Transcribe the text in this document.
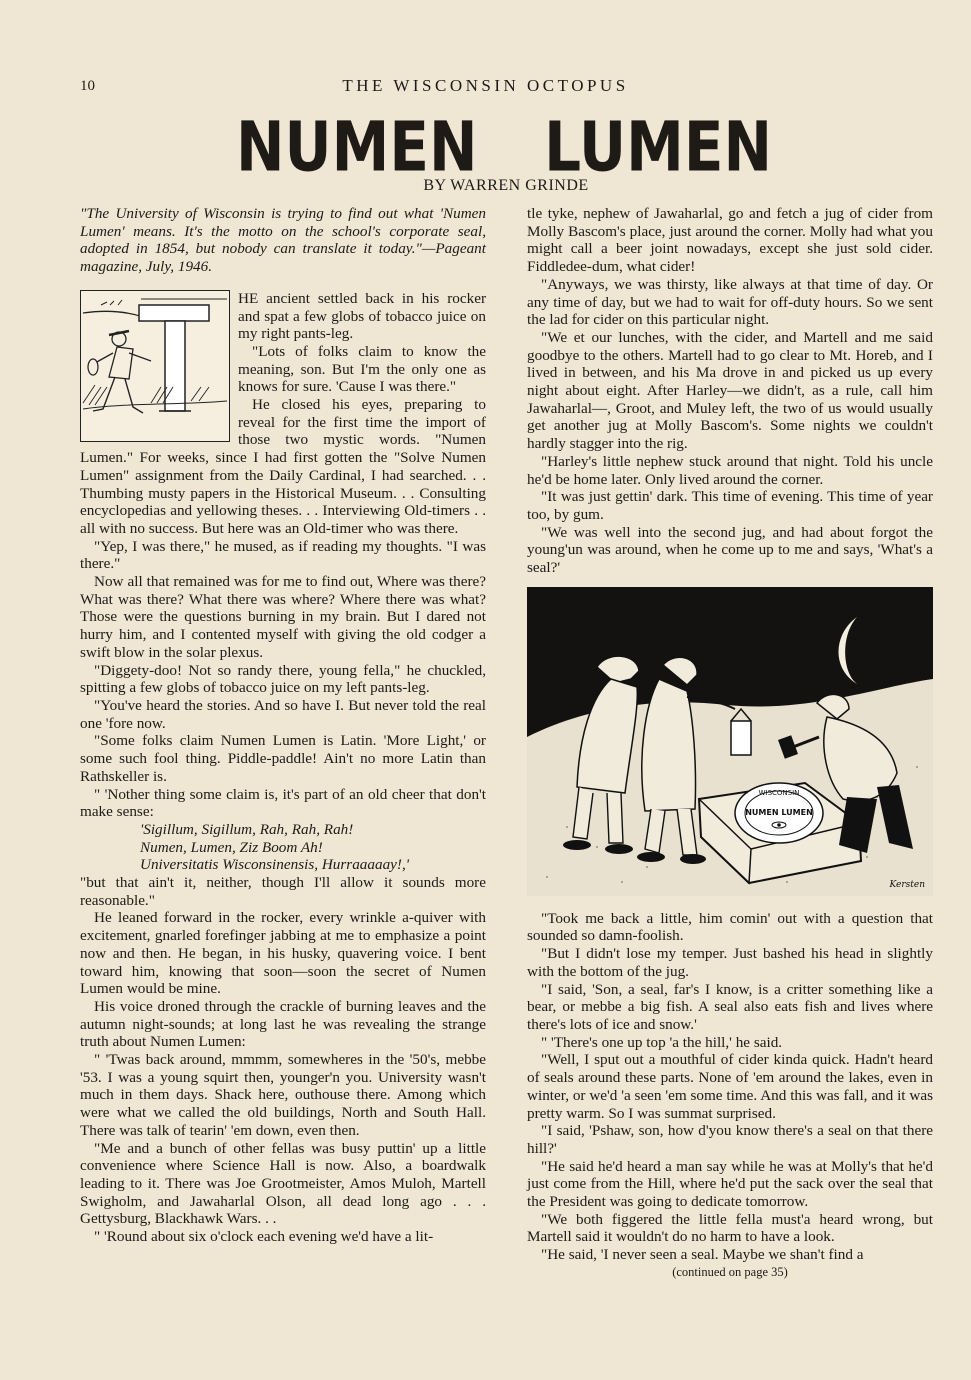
10	THE WISCONSIN OCTOPUS
NUMEN LUMEN
BY WARREN GRINDE

"The University of Wisconsin is trying to find out what 'Numen Lumen' means. It's the motto on the school's corporate seal, adopted in 1854, but nobody can translate it today."—Pageant magazine, July, 1946.

HE ancient settled back in his rocker and spat a few globs of tobacco juice on my right pants-leg.

"Lots of folks claim to know the meaning, son. But I'm the only one as knows for sure. 'Cause I was there."

He closed his eyes, preparing to reveal for the first time the import of those two mystic words. "Numen Lumen." For weeks, since I had first gotten the "Solve Numen Lumen" assignment from the Daily Cardinal, I had searched. . . Thumbing musty papers in the Historical Museum. . . Consulting encyclopedias and yellowing theses. . . Interviewing Old-timers . . all with no success. But here was an Old-timer who was there.

"Yep, I was there," he mused, as if reading my thoughts. "I was there."

Now all that remained was for me to find out, Where was there? What was there? What there was where? Where there was what? Those were the questions burning in my brain. But I dared not hurry him, and I contented myself with giving the old codger a swift blow in the solar plexus.

"Diggety-doo! Not so randy there, young fella," he chuckled, spitting a few globs of tobacco juice on my left pants-leg.

"You've heard the stories. And so have I. But never told the real one 'fore now.

"Some folks claim Numen Lumen is Latin. 'More Light,' or some such fool thing. Piddle-paddle! Ain't no more Latin than Rathskeller is.

" 'Nother thing some claim is, it's part of an old cheer that don't make sense:

'Sigillum, Sigillum, Rah, Rah, Rah!

Numen, Lumen, Ziz Boom Ah!

Universitatis Wisconsinensis, Hurraaaaay!,'

"but that ain't it, neither, though I'll allow it sounds more reasonable."

He leaned forward in the rocker, every wrinkle a-quiver with excitement, gnarled forefinger jabbing at me to emphasize a point now and then. He began, in his husky, quavering voice. I bent toward him, knowing that soon—soon the secret of Numen Lumen would be mine.

His voice droned through the crackle of burning leaves and the autumn night-sounds; at long last he was revealing the strange truth about Numen Lumen:

" 'Twas back around, mmmm, somewheres in the '50's, mebbe '53. I was a young squirt then, younger'n you. University wasn't much in them days. Shack here, outhouse there. Among which were what we called the old buildings, North and South Hall. There was talk of tearin' 'em down, even then.

"Me and a bunch of other fellas was busy puttin' up a little convenience where Science Hall is now. Also, a boardwalk leading to it. There was Joe Grootmeister, Amos Muloh, Martell Swigholm, and Jawaharlal Olson, all dead long ago . . . Gettysburg, Blackhawk Wars. . .

" 'Round about six o'clock each evening we'd have a lit-

tle tyke, nephew of Jawaharlal, go and fetch a jug of cider from Molly Bascom's place, just around the corner. Molly had what you might call a beer joint nowadays, except she just sold cider. Fiddledee-dum, what cider!

"Anyways, we was thirsty, like always at that time of day. Or any time of day, but we had to wait for off-duty hours. So we sent the lad for cider on this particular night.

"We et our lunches, with the cider, and Martell and me said goodbye to the others. Martell had to go clear to Mt. Horeb, and I lived in between, and his Ma drove in and picked us up every night about eight. After Harley—we didn't, as a rule, call him Jawaharlal—, Groot, and Muley left, the two of us would usually get another jug at Molly Bascom's. Some nights we couldn't hardly stagger into the rig.

"Harley's little nephew stuck around that night. Told his uncle he'd be home later. Only lived around the corner.

"It was just gettin' dark. This time of evening. This time of year too, by gum.

"We was well into the second jug, and had about forgot the young'un was around, when he come up to me and says, 'What's a seal?'

WISCONSIN
NUMEN LUMEN
Kersten

"Took me back a little, him comin' out with a question that sounded so damn-foolish.

"But I didn't lose my temper. Just bashed his head in slightly with the bottom of the jug.

"I said, 'Son, a seal, far's I know, is a critter something like a bear, or mebbe a big fish. A seal also eats fish and lives where there's lots of ice and snow.'

" 'There's one up top 'a the hill,' he said.

"Well, I sput out a mouthful of cider kinda quick. Hadn't heard of seals around these parts. None of 'em around the lakes, even in winter, or we'd 'a seen 'em some time. And this was fall, and it was pretty warm. So I was summat surprised.

"I said, 'Pshaw, son, how d'you know there's a seal on that there hill?'

"He said he'd heard a man say while he was at Molly's that he'd just come from the Hill, where he'd put the sack over the seal that the President was going to dedicate tomorrow.

"We both figgered the little fella must'a heard wrong, but Martell said it wouldn't do no harm to have a look.

"He said, 'I never seen a seal. Maybe we shan't find a

(continued on page 35)
